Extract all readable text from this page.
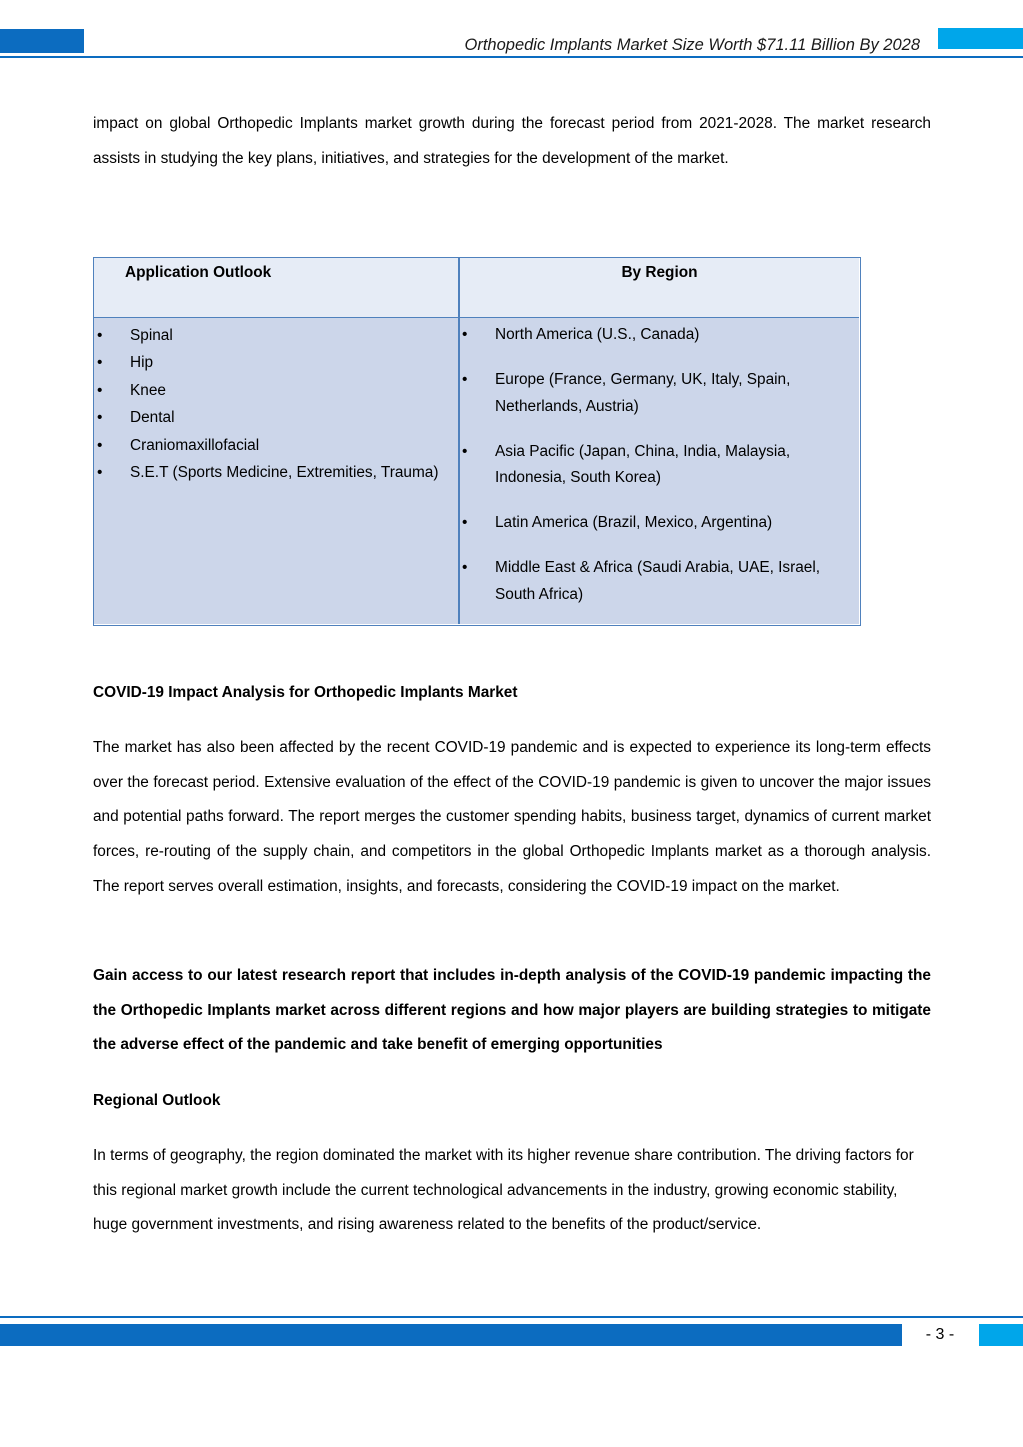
Orthopedic Implants Market Size Worth $71.11 Billion By 2028

impact on global Orthopedic Implants market growth during the forecast period from 2021-2028. The market research assists in studying the key plans, initiatives, and strategies for the development of the market.

Application Outlook	By Region
• Spinal
• Hip
• Knee
• Dental
• Craniomaxillofacial
• S.E.T (Sports Medicine, Extremities, Trauma)
• North America (U.S., Canada)
• Europe (France, Germany, UK, Italy, Spain, Netherlands, Austria)
• Asia Pacific (Japan, China, India, Malaysia, Indonesia, South Korea)
• Latin America (Brazil, Mexico, Argentina)
• Middle East & Africa (Saudi Arabia, UAE, Israel, South Africa)

COVID-19 Impact Analysis for Orthopedic Implants Market

The market has also been affected by the recent COVID-19 pandemic and is expected to experience its long-term effects over the forecast period. Extensive evaluation of the effect of the COVID-19 pandemic is given to uncover the major issues and potential paths forward. The report merges the customer spending habits, business target, dynamics of current market forces, re-routing of the supply chain, and competitors in the global Orthopedic Implants market as a thorough analysis. The report serves overall estimation, insights, and forecasts, considering the COVID-19 impact on the market.

Gain access to our latest research report that includes in-depth analysis of the COVID-19 pandemic impacting the the Orthopedic Implants market across different regions and how major players are building strategies to mitigate the adverse effect of the pandemic and take benefit of emerging opportunities

Regional Outlook

In terms of geography, the region dominated the market with its higher revenue share contribution. The driving factors for this regional market growth include the current technological advancements in the industry, growing economic stability, huge government investments, and rising awareness related to the benefits of the product/service.

- 3 -
